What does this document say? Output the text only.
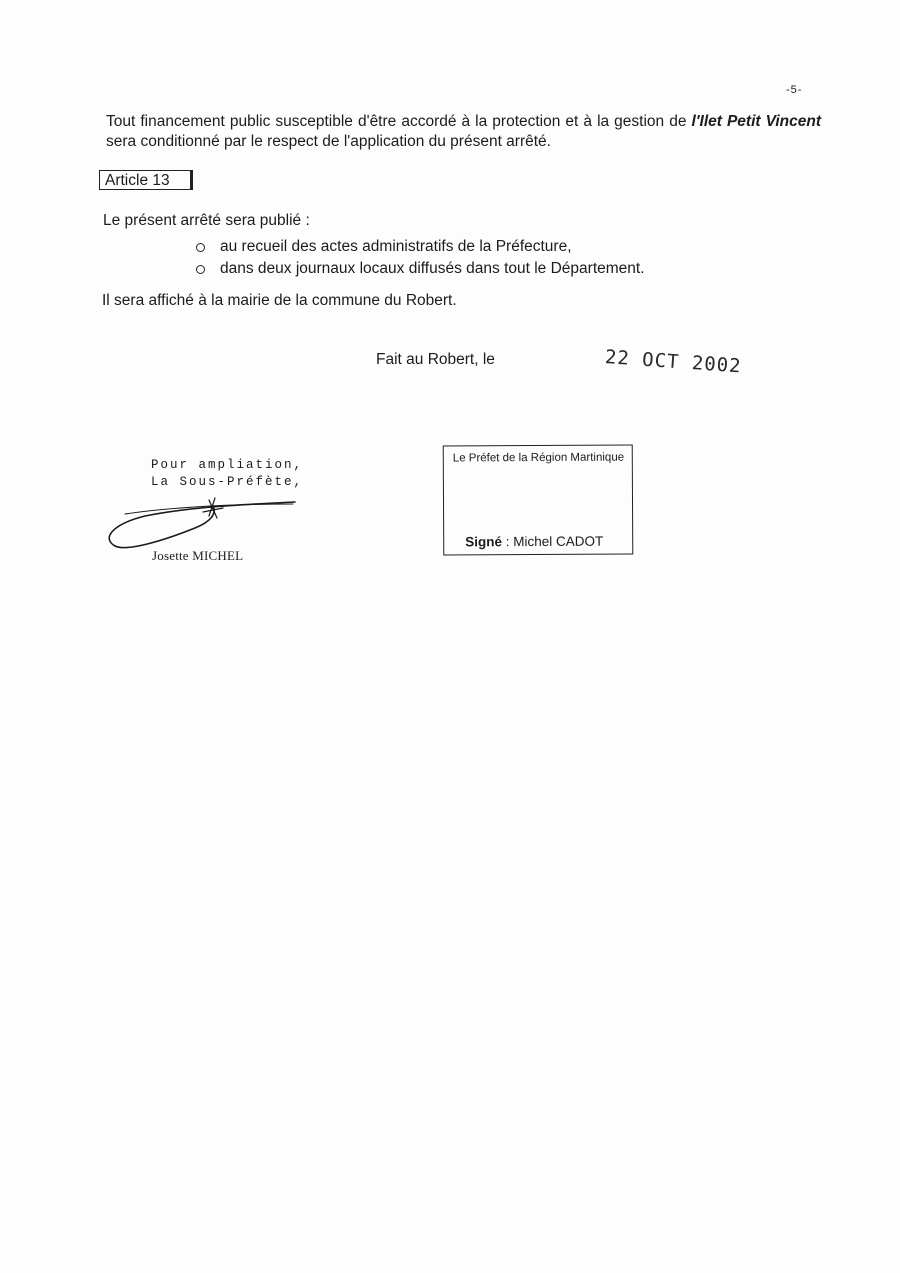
-5-

Tout financement public susceptible d'être accordé à la protection et à la gestion de l'Ilet Petit Vincent sera conditionné par le respect de l'application du présent arrêté.

Article 13
Le présent arrêté sera publié :
au recueil des actes administratifs de la Préfecture,
dans deux journaux locaux diffusés dans tout le Département.
Il sera affiché à la mairie de la commune du Robert.
Fait au Robert, le	22 OCT 2002
Pour ampliation,
La Sous-Préfète,
Josette MICHEL
Le Préfet de la Région Martinique
Signé : Michel CADOT
